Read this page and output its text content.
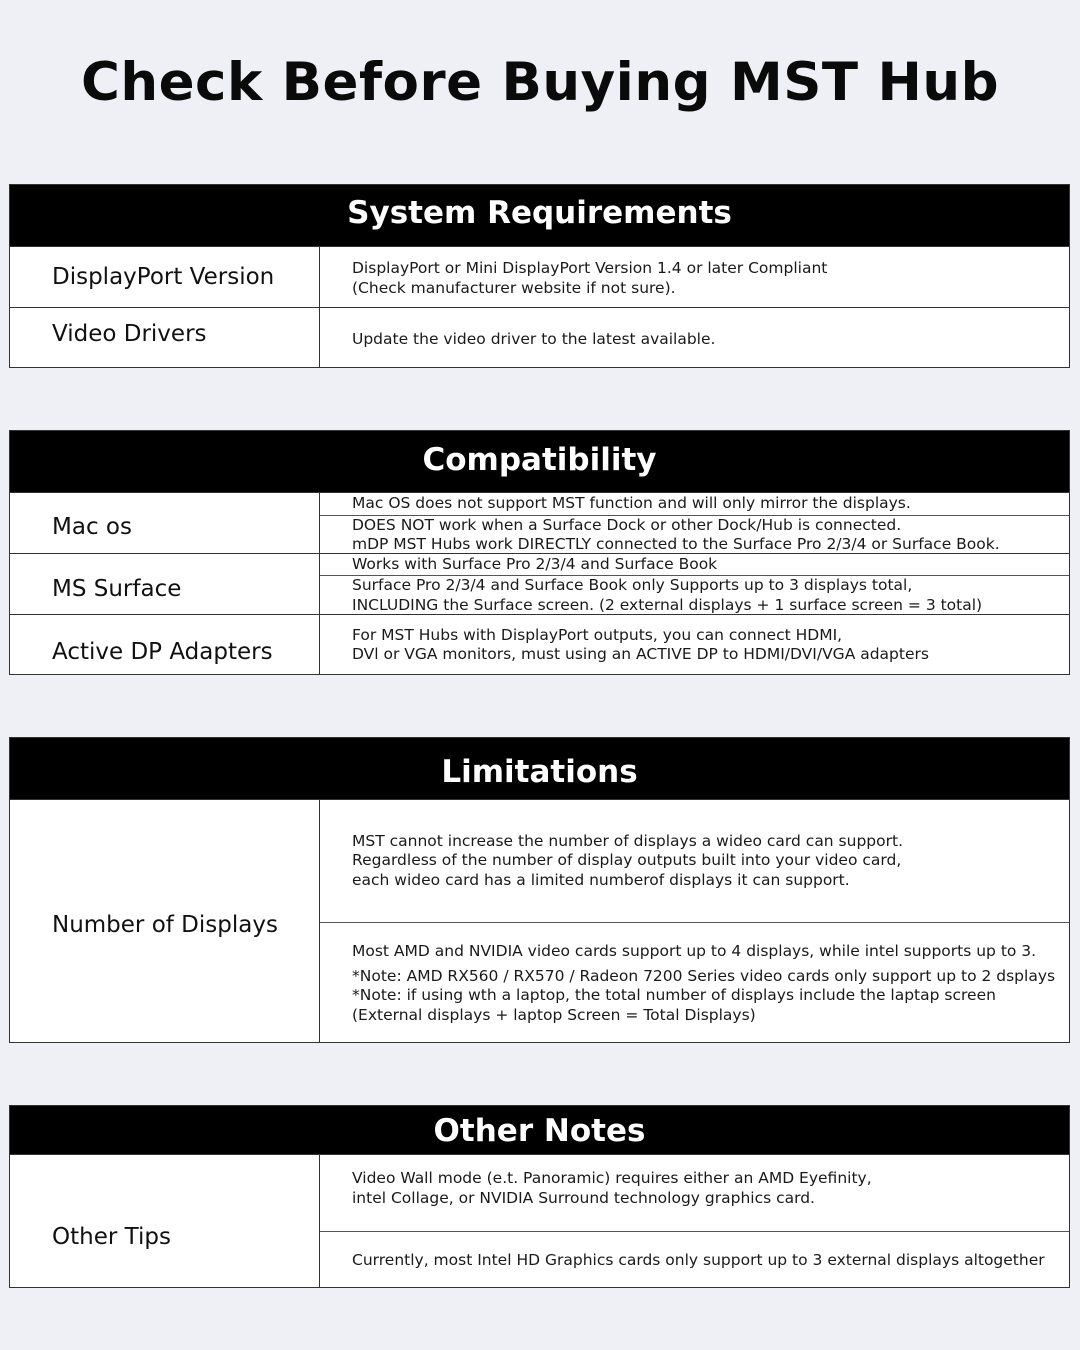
Check Before Buying MST Hub
System Requirements
DisplayPort Version	DisplayPort or Mini DisplayPort Version 1.4 or later Compliant
(Check manufacturer website if not sure).
Video Drivers	Update the video driver to the latest available.
Compatibility
Mac os
Mac OS does not support MST function and will only mirror the displays.
DOES NOT work when a Surface Dock or other Dock/Hub is connected.
mDP MST Hubs work DIRECTLY connected to the Surface Pro 2/3/4 or Surface Book.
MS Surface
Works with Surface Pro 2/3/4 and Surface Book
Surface Pro 2/3/4 and Surface Book only Supports up to 3 displays total,
INCLUDING the Surface screen. (2 external displays + 1 surface screen = 3 total)
Active DP Adapters
For MST Hubs with DisplayPort outputs, you can connect HDMI,
DVl or VGA monitors, must using an ACTIVE DP to HDMI/DVI/VGA adapters
Limitations
Number of Displays
MST cannot increase the number of displays a wideo card can support.
Regardless of the number of display outputs built into your video card,
each wideo card has a limited numberof displays it can support.
Most AMD and NVIDIA video cards support up to 4 displays, while intel supports up to 3.
*Note: AMD RX560 / RX570 / Radeon 7200 Series video cards only support up to 2 dsplays
*Note: if using wth a laptop, the total number of displays include the laptap screen
(External displays + laptop Screen = Total Displays)
Other Notes
Other Tips
Video Wall mode (e.t. Panoramic) requires either an AMD Eyefinity,
intel Collage, or NVIDIA Surround technology graphics card.
Currently, most Intel HD Graphics cards only support up to 3 external displays altogether
